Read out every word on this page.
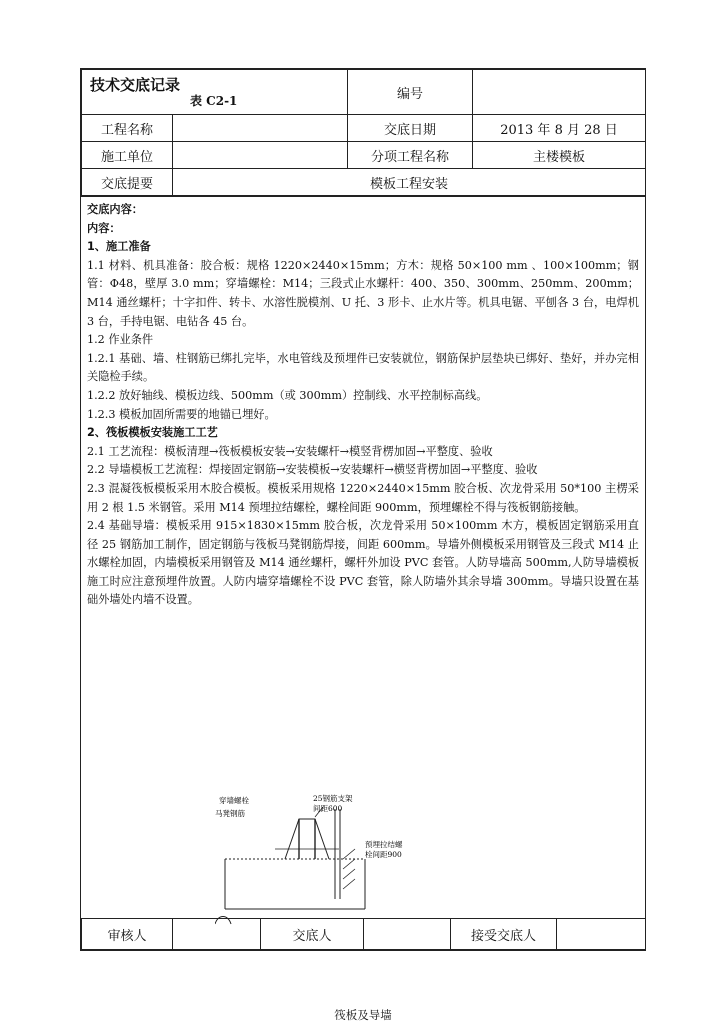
技术交底记录
表 C2-1		编号	
工程名称		交底日期	2013 年 8 月 28 日
施工单位		分项工程名称	主楼模板
交底提要	模板工程安装		

交底内容：

内容：

1、施工准备

1.1 材料、机具准备：胶合板：规格 1220×2440×15mm；方木：规格 50×100 mm 、100×100mm；钢管：Φ48，壁厚 3.0 mm；穿墙螺栓：M14；三段式止水螺杆：400、350、300mm、250mm、200mm；M14 通丝螺杆；十字扣件、转卡、水溶性脱模剂、U 托、3 形卡、止水片等。机具电锯、平刨各 3 台，电焊机 3 台，手持电锯、电钻各 45 台。

1.2 作业条件

1.2.1 基础、墙、柱钢筋已绑扎完毕，水电管线及预埋件已安装就位，钢筋保护层垫块已绑好、垫好，并办完相关隐检手续。

1.2.2 放好轴线、模板边线、500mm（或 300mm）控制线、水平控制标高线。

1.2.3 模板加固所需要的地锚已埋好。

2、筏板模板安装施工工艺

2.1 工艺流程：模板清理→筏板模板安装→安装螺杆→模竖背楞加固→平整度、验收

2.2 导墙模板工艺流程：焊接固定钢筋→安装模板→安装螺杆→横竖背楞加固→平整度、验收

2.3 混凝筏板模板采用木胶合模板。模板采用规格 1220×2440×15mm 胶合板、次龙骨采用 50*100 主楞采用 2 根 1.5 米钢管。采用 M14 预埋拉结螺栓，螺栓间距 900mm，预埋螺栓不得与筏板钢筋接触。

2.4 基础导墙：模板采用 915×1830×15mm 胶合板，次龙骨采用 50×100mm 木方，模板固定钢筋采用直径 25 钢筋加工制作，固定钢筋与筏板马凳钢筋焊接，间距 600mm。导墙外侧模板采用钢管及三段式 M14 止水螺栓加固，内墙模板采用钢管及 M14 通丝螺杆，螺杆外加设 PVC 套管。人防导墙高 500mm,人防导墙模板施工时应注意预埋件放置。人防内墙穿墙螺栓不设 PVC 套管，除人防墙外其余导墙 300mm。导墙只设置在基础外墙处内墙不设置。

穿墙螺栓
马凳钢筋
25钢筋支架
间距600
预埋拉结螺
栓间距900
筏板及导墙
审核人		交底人		接受交底人	
